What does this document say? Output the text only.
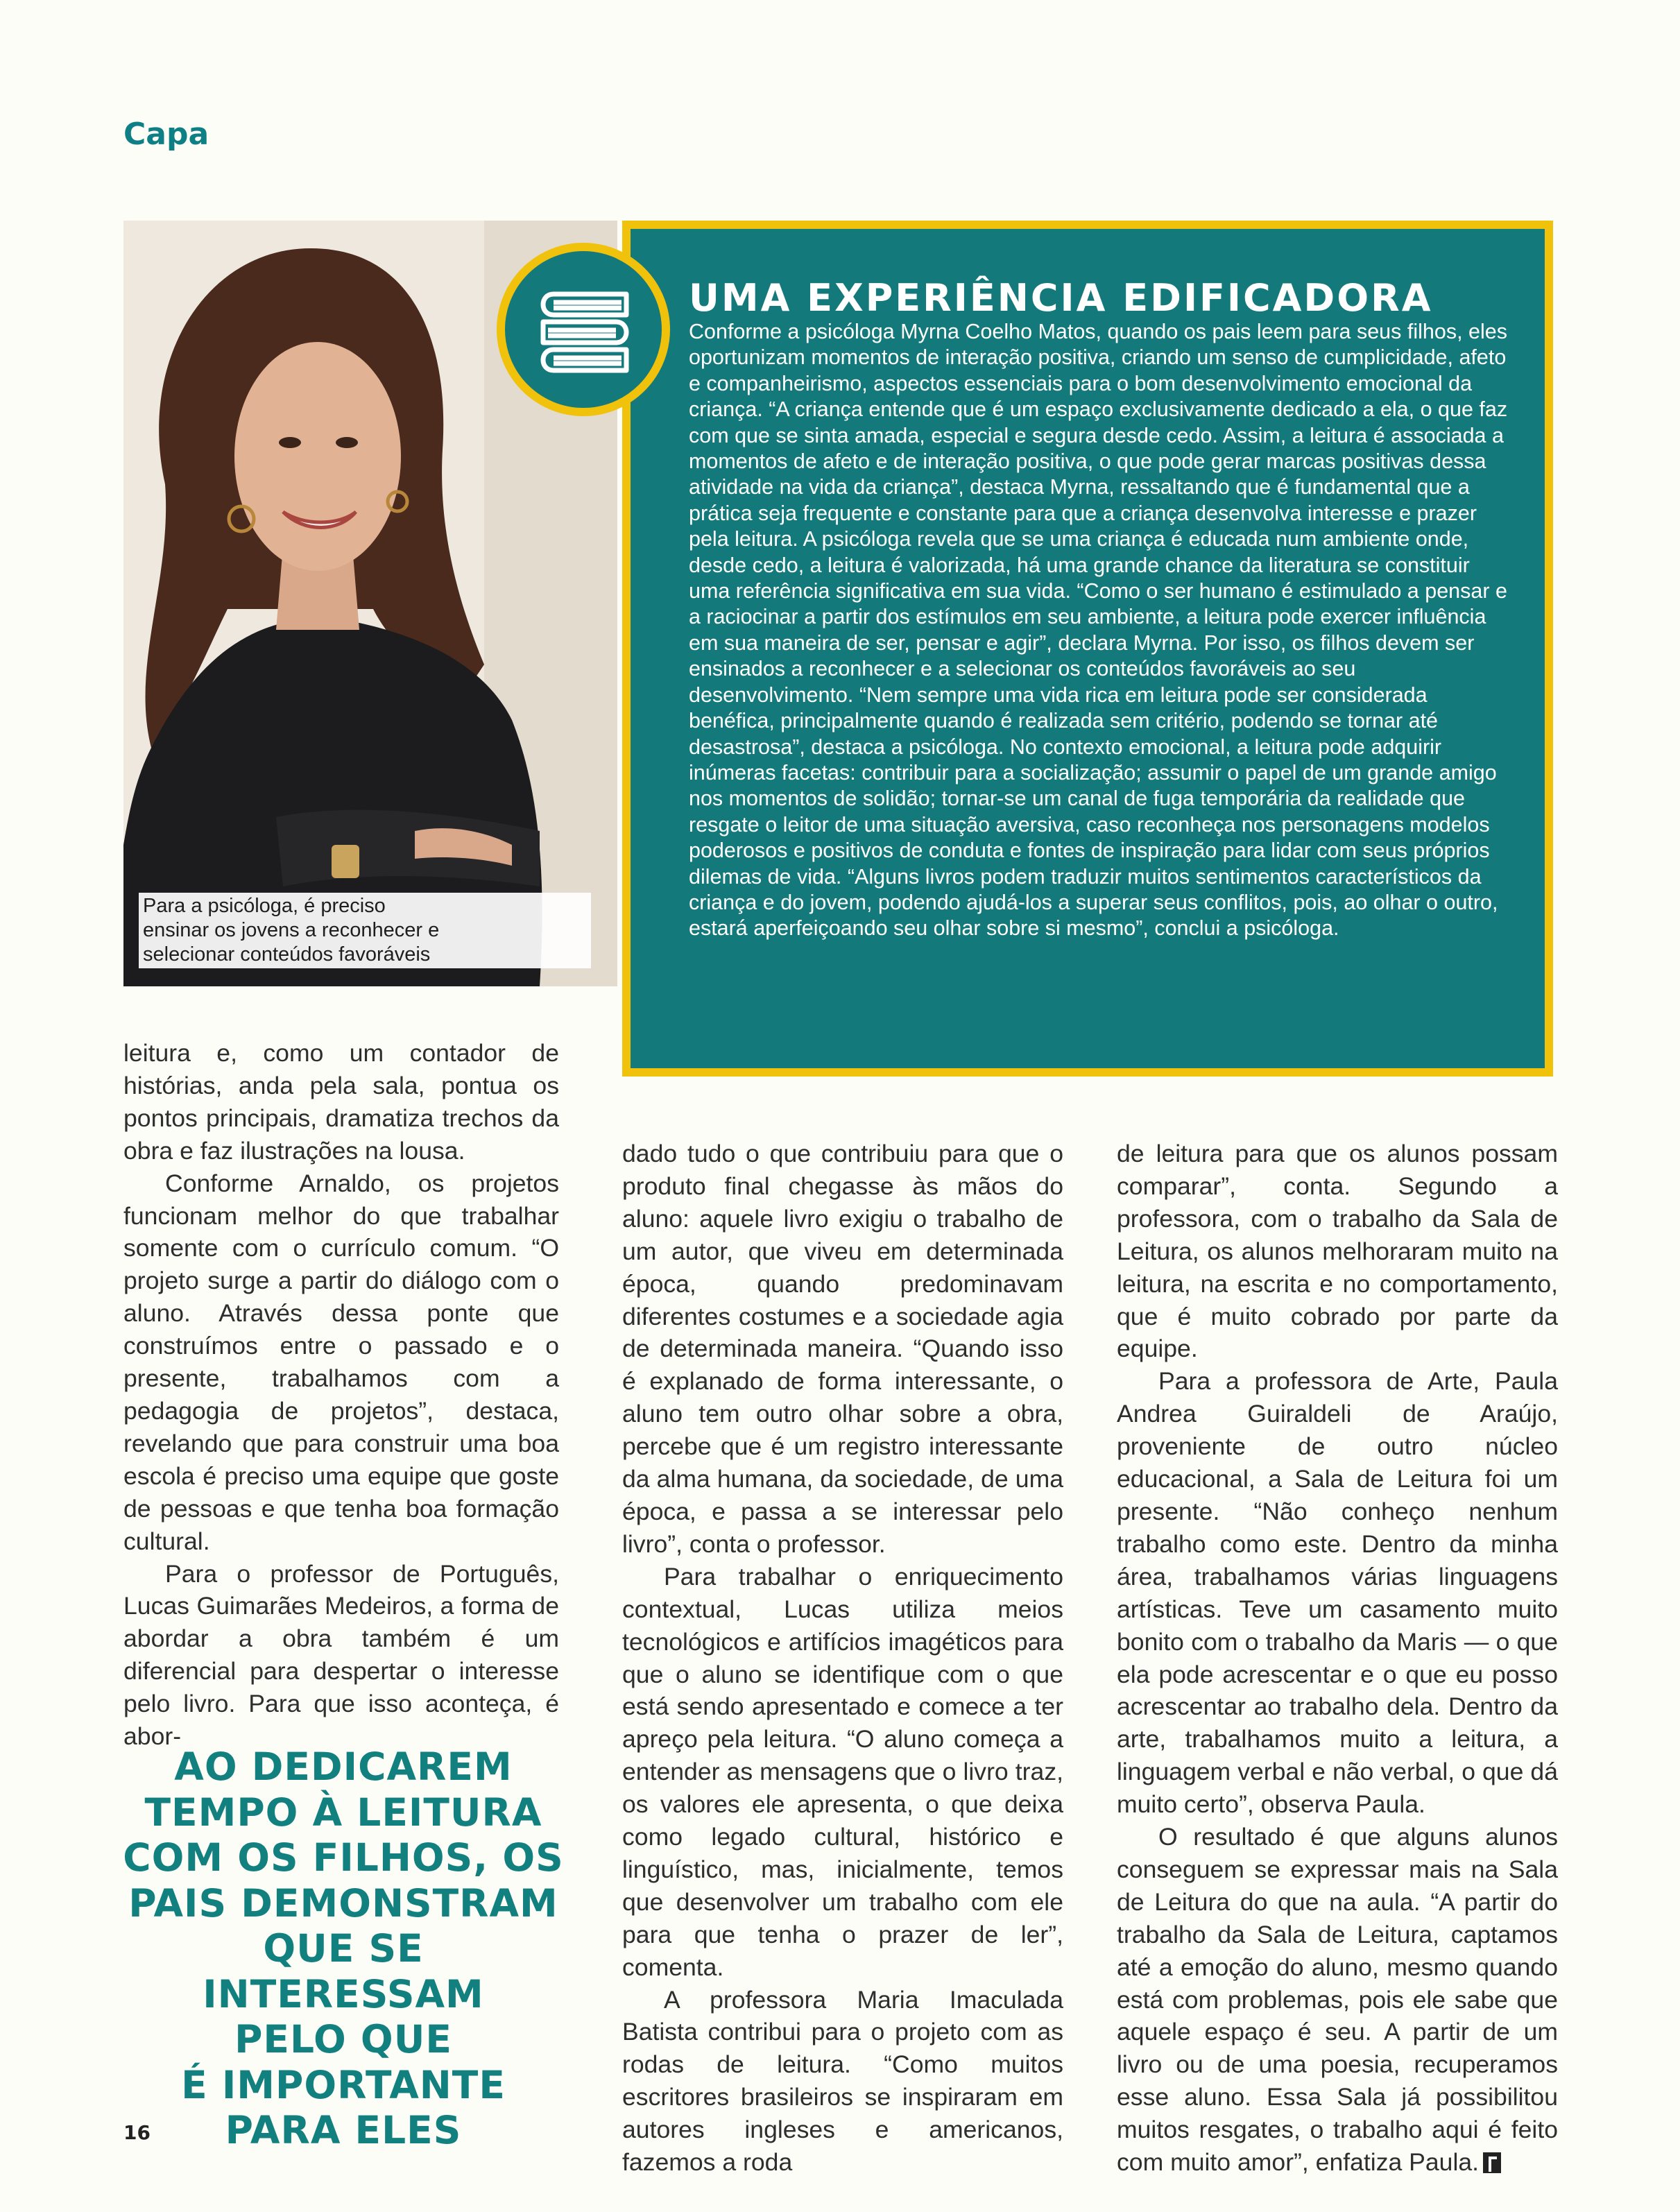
Capa
Para a psicóloga, é preciso
ensinar os jovens a reconhecer e
selecionar conteúdos favoráveis
UMA EXPERIÊNCIA EDIFICADORA

Conforme a psicóloga Myrna Coelho Matos, quando os pais leem para seus filhos, eles oportunizam momentos de interação positiva, criando um senso de cumplicidade, afeto e companheirismo, aspectos essenciais para o bom desenvolvimento emocional da criança. “A criança entende que é um espaço exclusivamente dedicado a ela, o que faz com que se sinta amada, especial e segura desde cedo. Assim, a leitura é associada a momentos de afeto e de interação positiva, o que pode gerar marcas positivas dessa atividade na vida da criança”, destaca Myrna, ressaltando que é fundamental que a prática seja frequente e constante para que a criança desenvolva interesse e prazer pela leitura. A psicóloga revela que se uma criança é educada num ambiente onde, desde cedo, a leitura é valorizada, há uma grande chance da literatura se constituir uma referência significativa em sua vida. “Como o ser humano é estimulado a pensar e a raciocinar a partir dos estímulos em seu ambiente, a leitura pode exercer influência em sua maneira de ser, pensar e agir”, declara Myrna. Por isso, os filhos devem ser ensinados a reconhecer e a selecionar os conteúdos favoráveis ao seu desenvolvimento. “Nem sempre uma vida rica em leitura pode ser considerada benéfica, principalmente quando é realizada sem critério, podendo se tornar até desastrosa”, destaca a psicóloga. No contexto emocional, a leitura pode adquirir inúmeras facetas: contribuir para a socialização; assumir o papel de um grande amigo nos momentos de solidão; tornar-se um canal de fuga temporária da realidade que resgate o leitor de uma situação aversiva, caso reconheça nos personagens modelos poderosos e positivos de conduta e fontes de inspiração para lidar com seus próprios dilemas de vida. “Alguns livros podem traduzir muitos sentimentos característicos da criança e do jovem, podendo ajudá-los a superar seus conflitos, pois, ao olhar o outro, estará aperfeiçoando seu olhar sobre si mesmo”, conclui a psicóloga.

leitura e, como um contador de histórias, anda pela sala, pontua os pontos principais, dramatiza trechos da obra e faz ilustrações na lousa.

Conforme Arnaldo, os projetos funcionam melhor do que trabalhar somente com o currículo comum. “O projeto surge a partir do diálogo com o aluno. Através dessa ponte que construímos entre o passado e o presente, trabalhamos com a pedagogia de projetos”, destaca, revelando que para construir uma boa escola é preciso uma equipe que goste de pessoas e que tenha boa formação cultural.

Para o professor de Português, Lucas Guimarães Medeiros, a forma de abordar a obra também é um diferencial para despertar o interesse pelo livro. Para que isso aconteça, é abor-

dado tudo o que contribuiu para que o produto final chegasse às mãos do aluno: aquele livro exigiu o trabalho de um autor, que viveu em determinada época, quando predominavam diferentes costumes e a sociedade agia de determinada maneira. “Quando isso é explanado de forma interessante, o aluno tem outro olhar sobre a obra, percebe que é um registro interessante da alma humana, da sociedade, de uma época, e passa a se interessar pelo livro”, conta o professor.

Para trabalhar o enriquecimento contextual, Lucas utiliza meios tecnológicos e artifícios imagéticos para que o aluno se identifique com o que está sendo apresentado e comece a ter apreço pela leitura. “O aluno começa a entender as mensagens que o livro traz, os valores ele apresenta, o que deixa como legado cultural, histórico e linguístico, mas, inicialmente, temos que desenvolver um trabalho com ele para que tenha o prazer de ler”, comenta.

A professora Maria Imaculada Batista contribui para o projeto com as rodas de leitura. “Como muitos escritores brasileiros se inspiraram em autores ingleses e americanos, fazemos a roda

de leitura para que os alunos possam comparar”, conta. Segundo a professora, com o trabalho da Sala de Leitura, os alunos melhoraram muito na leitura, na escrita e no comportamento, que é muito cobrado por parte da equipe.

Para a professora de Arte, Paula Andrea Guiraldeli de Araújo, proveniente de outro núcleo educacional, a Sala de Leitura foi um presente. “Não conheço nenhum trabalho como este. Dentro da minha área, trabalhamos várias linguagens artísticas. Teve um casamento muito bonito com o trabalho da Maris — o que ela pode acrescentar e o que eu posso acrescentar ao trabalho dela. Dentro da arte, trabalhamos muito a leitura, a linguagem verbal e não verbal, o que dá muito certo”, observa Paula.

O resultado é que alguns alunos conseguem se expressar mais na Sala de Leitura do que na aula. “A partir do trabalho da Sala de Leitura, captamos até a emoção do aluno, mesmo quando está com problemas, pois ele sabe que aquele espaço é seu. A partir de um livro ou de uma poesia, recuperamos esse aluno. Essa Sala já possibilitou muitos resgates, o trabalho aqui é feito com muito amor”, enfatiza Paula.

AO DEDICAREM
TEMPO À LEITURA
COM OS FILHOS, OS
PAIS DEMONSTRAM
QUE SE INTERESSAM
PELO QUE
É IMPORTANTE
PARA ELES
16
